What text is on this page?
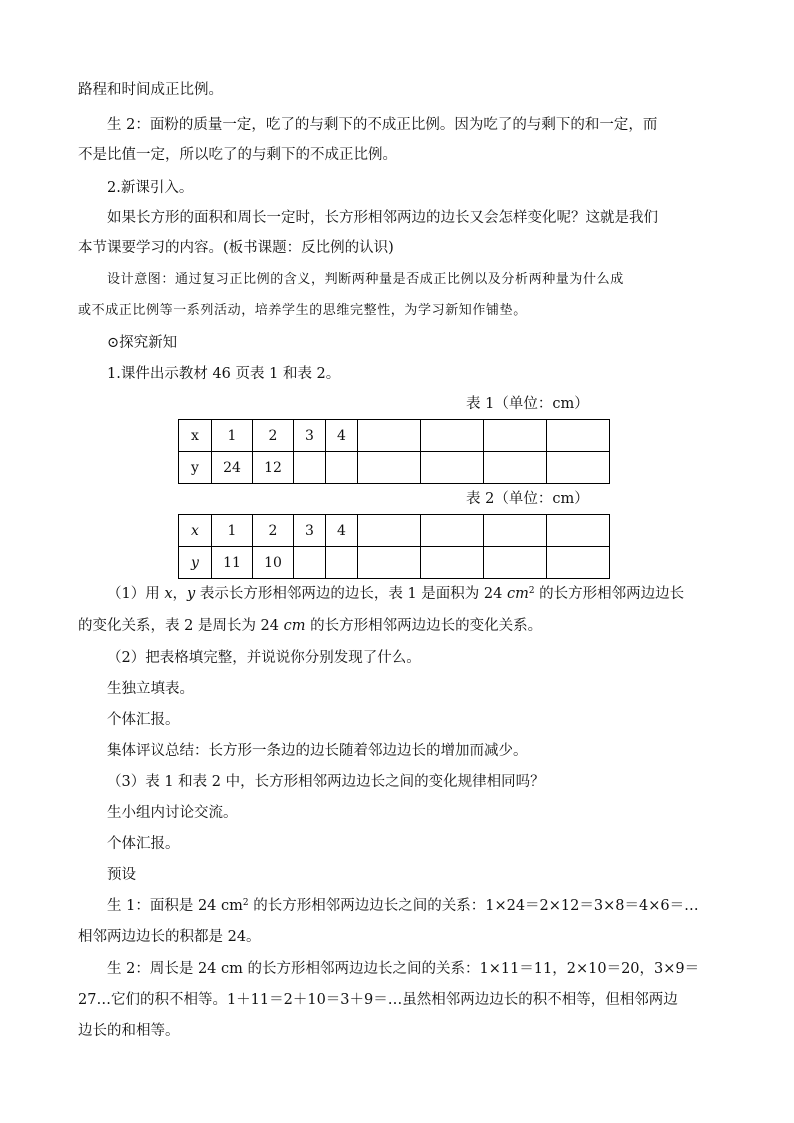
路程和时间成正比例。
生 2：面粉的质量一定，吃了的与剩下的不成正比例。因为吃了的与剩下的和一定，而
不是比值一定，所以吃了的与剩下的不成正比例。
2.新课引入。
如果长方形的面积和周长一定时，长方形相邻两边的边长又会怎样变化呢？这就是我们
本节课要学习的内容。(板书课题：反比例的认识)
设计意图：通过复习正比例的含义，判断两种量是否成正比例以及分析两种量为什么成
或不成正比例等一系列活动，培养学生的思维完整性，为学习新知作铺垫。
⊙探究新知
1.课件出示教材 46 页表 1 和表 2。
表 1（单位：cm）
x	1	2	3	4				
y	24	12						
表 2（单位：cm）
x	1	2	3	4				
y	11	10						
（1）用 x，y 表示长方形相邻两边的边长，表 1 是面积为 24 $cm^2$ 的长方形相邻两边边长
的变化关系，表 2 是周长为 24 cm 的长方形相邻两边边长的变化关系。
（2）把表格填完整，并说说你分别发现了什么。
生独立填表。
个体汇报。
集体评议总结：长方形一条边的边长随着邻边边长的增加而减少。
（3）表 1 和表 2 中，长方形相邻两边边长之间的变化规律相同吗？
生小组内讨论交流。
个体汇报。
预设
生 1：面积是 24 $cm^2$ 的长方形相邻两边边长之间的关系：1×24＝2×12＝3×8＝4×6＝…
相邻两边边长的积都是 24。
生 2：周长是 24 cm 的长方形相邻两边边长之间的关系：1×11＝11，2×10＝20，3×9＝
27…它们的积不相等。1＋11＝2＋10＝3＋9＝…虽然相邻两边边长的积不相等，但相邻两边
边长的和相等。
